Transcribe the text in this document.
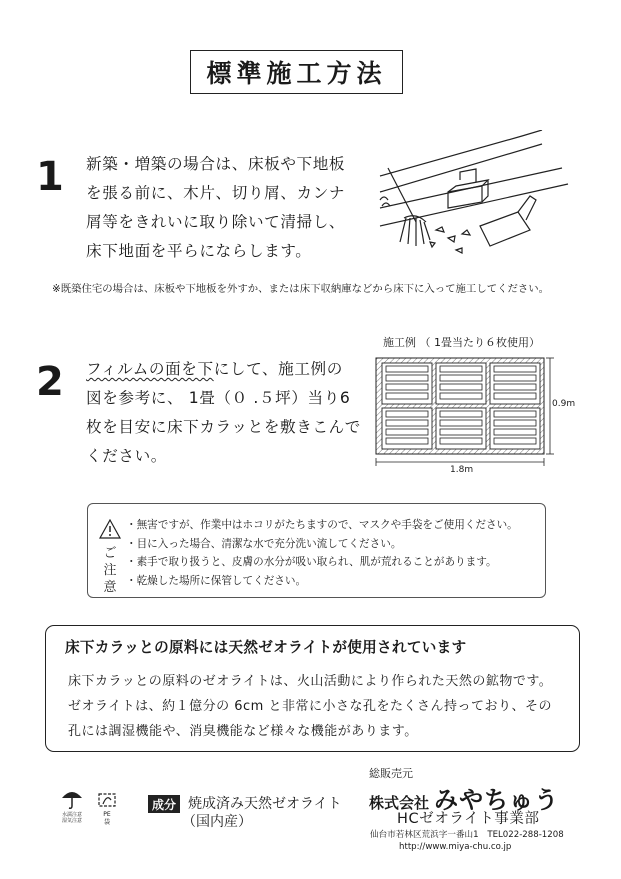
標準施工方法
1 新築・増築の場合は、床板や下地板
を張る前に、木片、切り屑、カンナ
屑等をきれいに取り除いて清掃し、
床下地面を平らにならします。
※既築住宅の場合は、床板や下地板を外すか、または床下収納庫などから床下に入って施工してください。
2 フィルムの面を下にして、施工例の
図を参考に、 1畳（０ .５坪）当り6
枚を目安に床下カラッとを敷きこんで
ください。
施工例 （ 1畳当たり６枚使用）
0.9m
1.8m
ご
注
意
・無害ですが、作業中はホコリがたちますので、マスクや手袋をご使用ください。
・目に入った場合、清潔な水で充分洗い流してください。
・素手で取り扱うと、皮膚の水分が吸い取られ、肌が荒れることがあります。
・乾燥した場所に保管してください。
床下カラッとの原料には天然ゼオライトが使用されています
床下カラッとの原料のゼオライトは、火山活動により作られた天然の鉱物です。
ゼオライトは、約１億分の 6cm と非常に小さな孔をたくさん持っており、その
孔には調湿機能や、消臭機能など様々な機能があります。
水濡注意
湿気注意
PE
袋
成分 焼成済み天然ゼオライト
（国内産）
総販売元
株式会社 みやちゅう
HCゼオライト事業部
仙台市若林区荒浜字一番山1 TEL022-288-1208
http://www.miya-chu.co.jp
